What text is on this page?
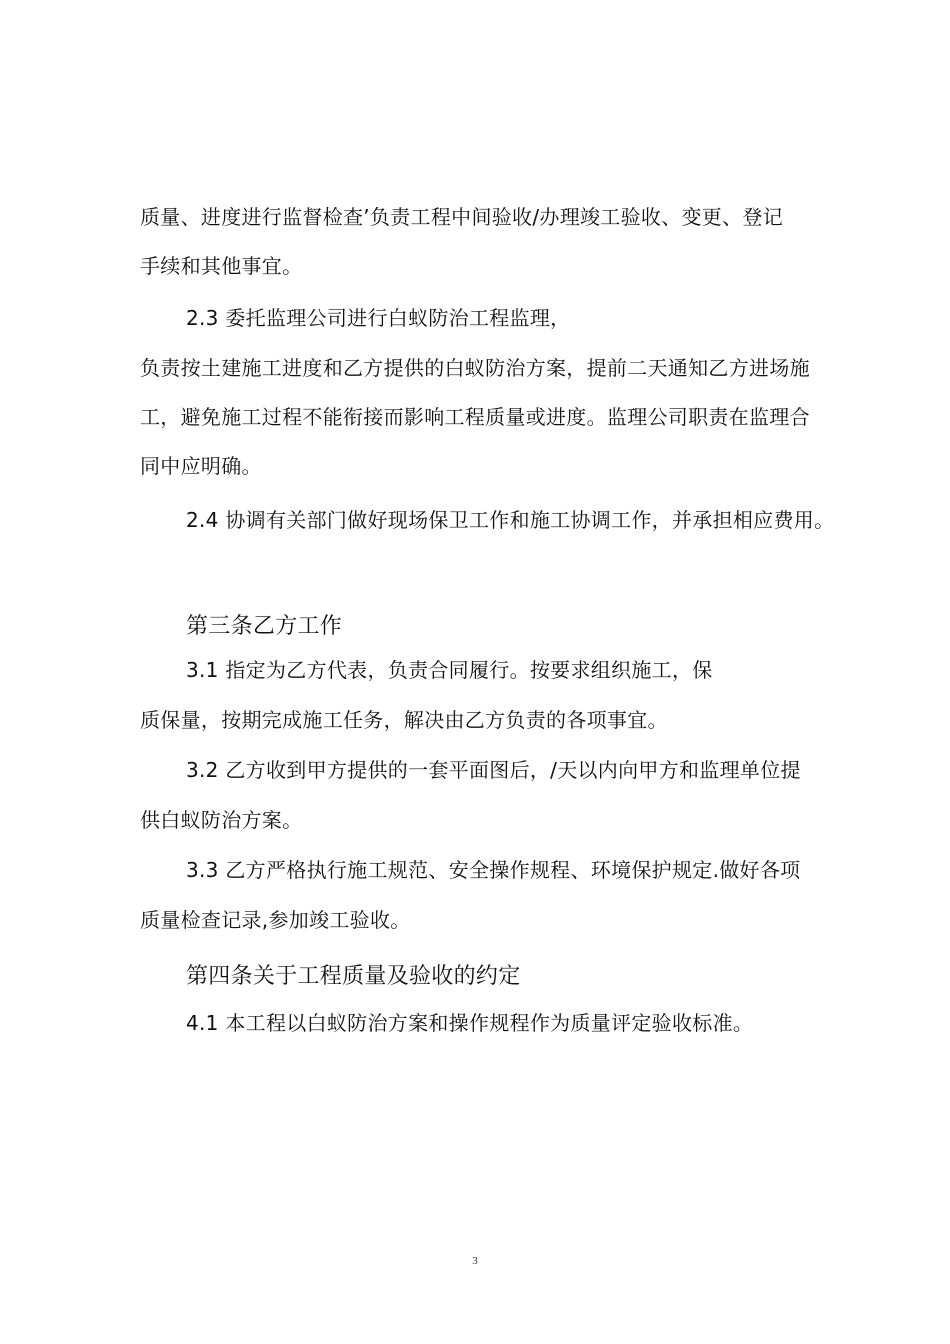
质量、进度进行监督检查’负责工程中间验收/办理竣工验收、变更、登记
手续和其他事宜。
2.3 委托监理公司进行白蚁防治工程监理，
负责按土建施工进度和乙方提供的白蚁防治方案，提前二天通知乙方进场施
工，避免施工过程不能衔接而影响工程质量或进度。监理公司职责在监理合
同中应明确。
2.4 协调有关部门做好现场保卫工作和施工协调工作，并承担相应费用。
第三条乙方工作
3.1 指定为乙方代表，负责合同履行。按要求组织施工，保
质保量，按期完成施工任务，解决由乙方负责的各项事宜。
3.2 乙方收到甲方提供的一套平面图后，/天以内向甲方和监理单位提
供白蚁防治方案。
3.3 乙方严格执行施工规范、安全操作规程、环境保护规定.做好各项
质量检查记录,参加竣工验收。
第四条关于工程质量及验收的约定
4.1 本工程以白蚁防治方案和操作规程作为质量评定验收标准。
3
